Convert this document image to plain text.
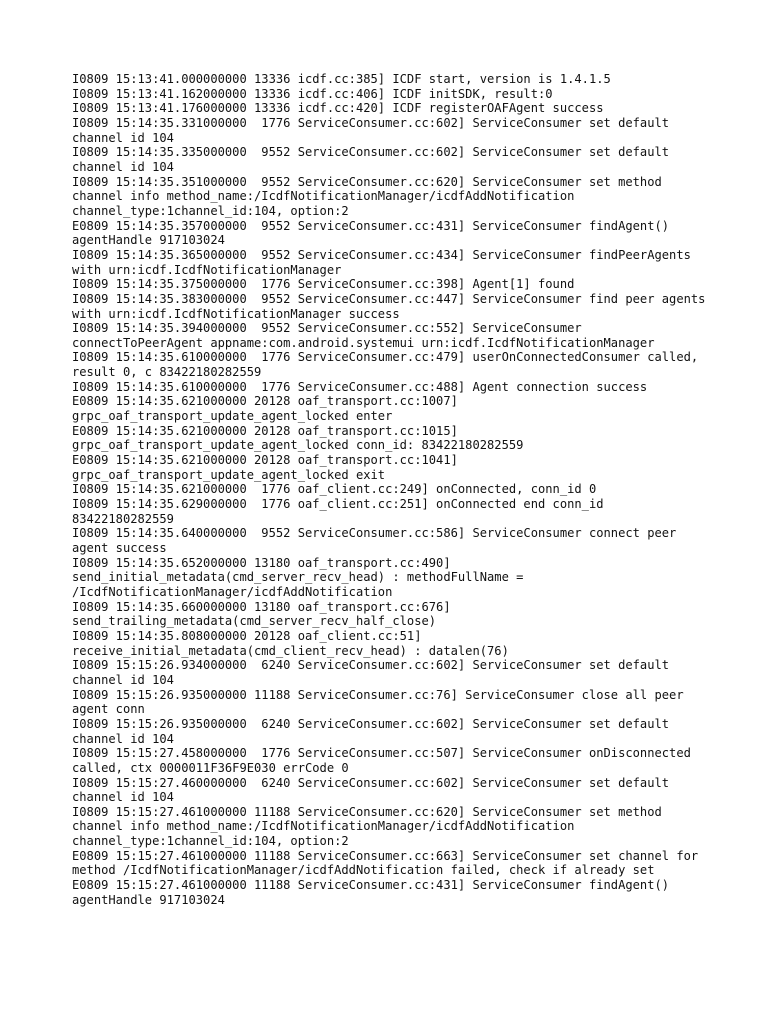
I0809 15:13:41.000000000 13336 icdf.cc:385] ICDF start, version is 1.4.1.5
I0809 15:13:41.162000000 13336 icdf.cc:406] ICDF initSDK, result:0
I0809 15:13:41.176000000 13336 icdf.cc:420] ICDF registerOAFAgent success
I0809 15:14:35.331000000  1776 ServiceConsumer.cc:602] ServiceConsumer set default channel id 104
I0809 15:14:35.335000000  9552 ServiceConsumer.cc:602] ServiceConsumer set default channel id 104
I0809 15:14:35.351000000  9552 ServiceConsumer.cc:620] ServiceConsumer set method channel info method_name:/IcdfNotificationManager/icdfAddNotification channel_type:1channel_id:104, option:2
E0809 15:14:35.357000000  9552 ServiceConsumer.cc:431] ServiceConsumer findAgent() agentHandle 917103024
I0809 15:14:35.365000000  9552 ServiceConsumer.cc:434] ServiceConsumer findPeerAgents with urn:icdf.IcdfNotificationManager
I0809 15:14:35.375000000  1776 ServiceConsumer.cc:398] Agent[1] found
I0809 15:14:35.383000000  9552 ServiceConsumer.cc:447] ServiceConsumer find peer agents with urn:icdf.IcdfNotificationManager success
I0809 15:14:35.394000000  9552 ServiceConsumer.cc:552] ServiceConsumer connectToPeerAgent appname:com.android.systemui urn:icdf.IcdfNotificationManager
I0809 15:14:35.610000000  1776 ServiceConsumer.cc:479] userOnConnectedConsumer called, result 0, c 83422180282559
I0809 15:14:35.610000000  1776 ServiceConsumer.cc:488] Agent connection success
E0809 15:14:35.621000000 20128 oaf_transport.cc:1007] grpc_oaf_transport_update_agent_locked enter
E0809 15:14:35.621000000 20128 oaf_transport.cc:1015] grpc_oaf_transport_update_agent_locked conn_id: 83422180282559
E0809 15:14:35.621000000 20128 oaf_transport.cc:1041] grpc_oaf_transport_update_agent_locked exit
I0809 15:14:35.621000000  1776 oaf_client.cc:249] onConnected, conn_id 0
I0809 15:14:35.629000000  1776 oaf_client.cc:251] onConnected end conn_id 83422180282559
I0809 15:14:35.640000000  9552 ServiceConsumer.cc:586] ServiceConsumer connect peer agent success
I0809 15:14:35.652000000 13180 oaf_transport.cc:490] send_initial_metadata(cmd_server_recv_head) : methodFullName = /IcdfNotificationManager/icdfAddNotification
I0809 15:14:35.660000000 13180 oaf_transport.cc:676] send_trailing_metadata(cmd_server_recv_half_close)
I0809 15:14:35.808000000 20128 oaf_client.cc:51] receive_initial_metadata(cmd_client_recv_head) : datalen(76)
I0809 15:15:26.934000000  6240 ServiceConsumer.cc:602] ServiceConsumer set default channel id 104
I0809 15:15:26.935000000 11188 ServiceConsumer.cc:76] ServiceConsumer close all peer agent conn
I0809 15:15:26.935000000  6240 ServiceConsumer.cc:602] ServiceConsumer set default channel id 104
I0809 15:15:27.458000000  1776 ServiceConsumer.cc:507] ServiceConsumer onDisconnected called, ctx 0000011F36F9E030 errCode 0
I0809 15:15:27.460000000  6240 ServiceConsumer.cc:602] ServiceConsumer set default channel id 104
I0809 15:15:27.461000000 11188 ServiceConsumer.cc:620] ServiceConsumer set method channel info method_name:/IcdfNotificationManager/icdfAddNotification channel_type:1channel_id:104, option:2
E0809 15:15:27.461000000 11188 ServiceConsumer.cc:663] ServiceConsumer set channel for method /IcdfNotificationManager/icdfAddNotification failed, check if already set
E0809 15:15:27.461000000 11188 ServiceConsumer.cc:431] ServiceConsumer findAgent() agentHandle 917103024
